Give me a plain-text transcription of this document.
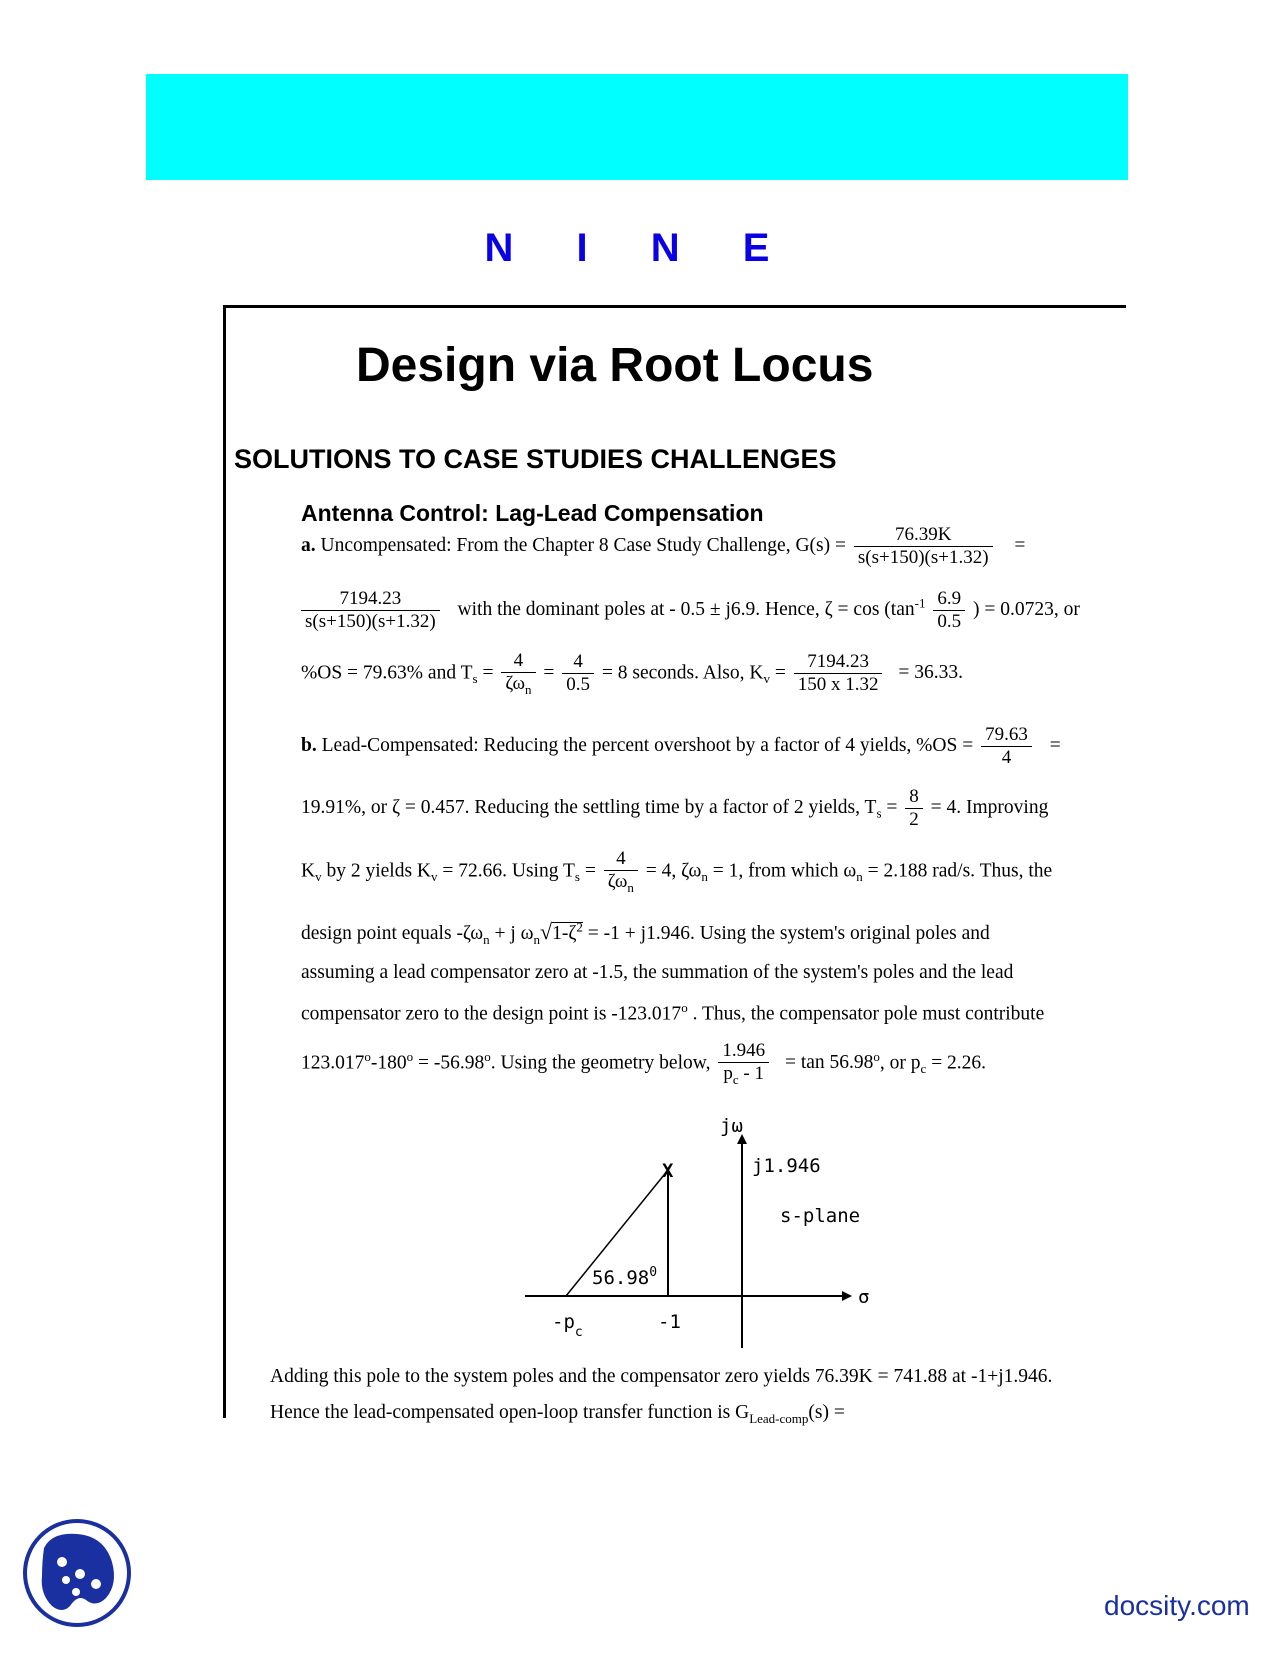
N I N E
Design via Root Locus
SOLUTIONS TO CASE STUDIES CHALLENGES
Antenna Control: Lag-Lead Compensation
a. Uncompensated: From the Chapter 8 Case Study Challenge, $G(s) = \frac{76.39K}{s(s+150)(s+1.32)}$ =
$\frac{7194.23}{s(s+150)(s+1.32)}$ with the dominant poles at - 0.5 ± j6.9. Hence, $\zeta = \cos (\tan^{-1} \frac{6.9}{0.5}$ ) = 0.0723, or
%OS = 79.63% and $T_s = \frac{4}{\zeta\omega_n} = \frac{4}{0.5} = 8$ seconds. Also, $K_v = \frac{7194.23}{150 x 1.32} = 36.33$.
b. Lead-Compensated: Reducing the percent overshoot by a factor of 4 yields, $\%OS = \frac{79.63}{4}$ =
19.91%, or ζ = 0.457. Reducing the settling time by a factor of 2 yields, $T_s = \frac{8}{2} = 4$. Improving
$K_v$ by 2 yields $K_v = 72.66$. Using $T_s = \frac{4}{\zeta\omega_n} = 4$, $\zeta\omega_n = 1$, from which $\omega_n = 2.188$ rad/s. Thus, the
design point equals $-\zeta\omega_n + j$ $\omega_n√1-\zeta^2 = -1 + j1.946$. Using the system's original poles and
assuming a lead compensator zero at -1.5, the summation of the system's poles and the lead
compensator zero to the design point is -123.017$^o$ . Thus, the compensator pole must contribute
$123.017^o-180^o = -56.98^o$. Using the geometry below, $\frac{1.946}{p_c - 1} = \tan 56.98^o$, or $p_c = 2.26$.
X
jω
j1.946
s-plane
σ
56.98$^0$
$-p_c$	-1
Adding this pole to the system poles and the compensator zero yields 76.39K = 741.88 at -1+j1.946.
Hence the lead-compensated open-loop transfer function is $G_{Lead-comp}(s)$ =
docsity.com
